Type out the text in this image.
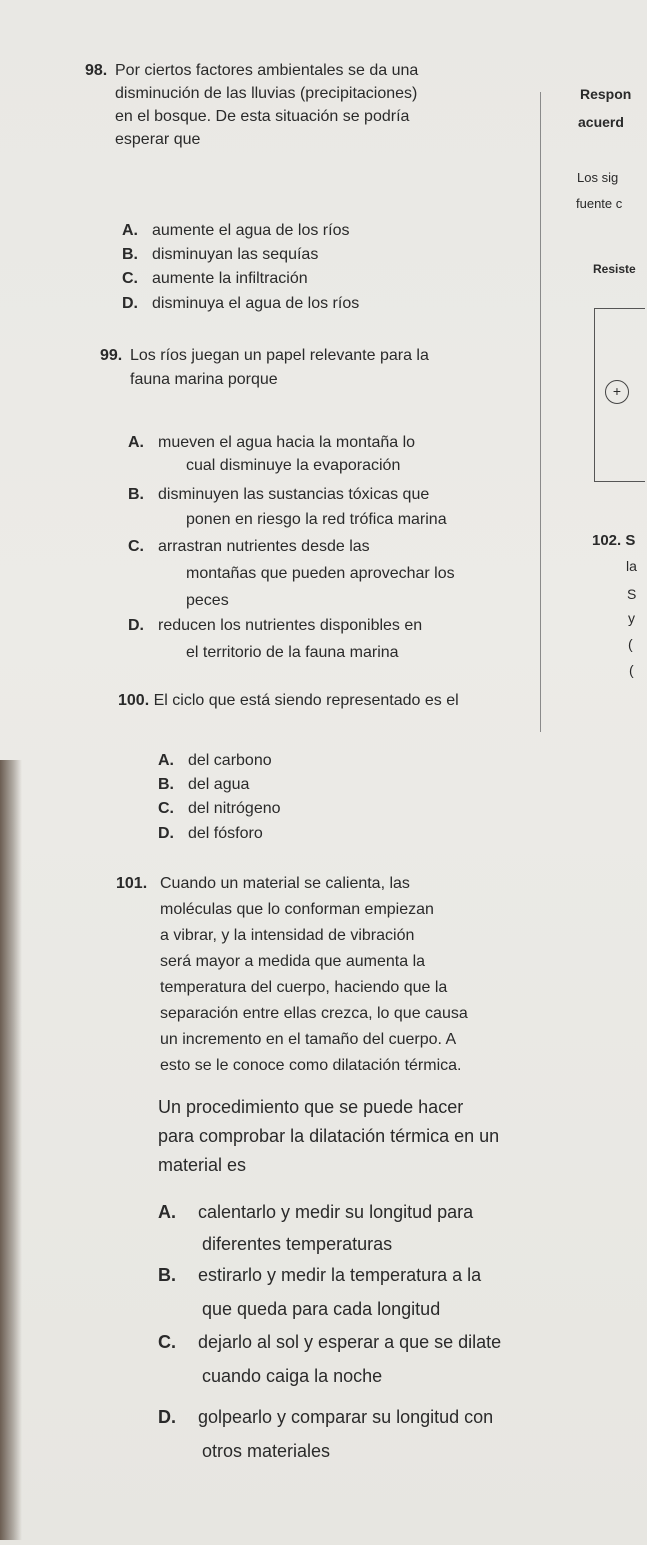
98. Por ciertos factores ambientales se da una
disminución de las lluvias (precipitaciones)
en el bosque. De esta situación se podría
esperar que
A. aumente el agua de los ríos
B. disminuyan las sequías
C. aumente la infiltración
D. disminuya el agua de los ríos
99. Los ríos juegan un papel relevante para la
fauna marina porque
A. mueven el agua hacia la montaña lo
cual disminuye la evaporación
B. disminuyen las sustancias tóxicas que
ponen en riesgo la red trófica marina
C. arrastran nutrientes desde las
montañas que pueden aprovechar los
peces
D. reducen los nutrientes disponibles en
el territorio de la fauna marina
100. El ciclo que está siendo representado es el
A. del carbono
B. del agua
C. del nitrógeno
D. del fósforo
101. Cuando un material se calienta, las
moléculas que lo conforman empiezan
a vibrar, y la intensidad de vibración
será mayor a medida que aumenta la
temperatura del cuerpo, haciendo que la
separación entre ellas crezca, lo que causa
un incremento en el tamaño del cuerpo. A
esto se le conoce como dilatación térmica.
Un procedimiento que se puede hacer
para comprobar la dilatación térmica en un
material es
A. calentarlo y medir su longitud para
diferentes temperaturas
B. estirarlo y medir la temperatura a la
que queda para cada longitud
C. dejarlo al sol y esperar a que se dilate
cuando caiga la noche
D. golpearlo y comparar su longitud con
otros materiales
Respon
acuerd
Los sig
fuente c
Resiste
+
102. S
la
S
y
(
(
